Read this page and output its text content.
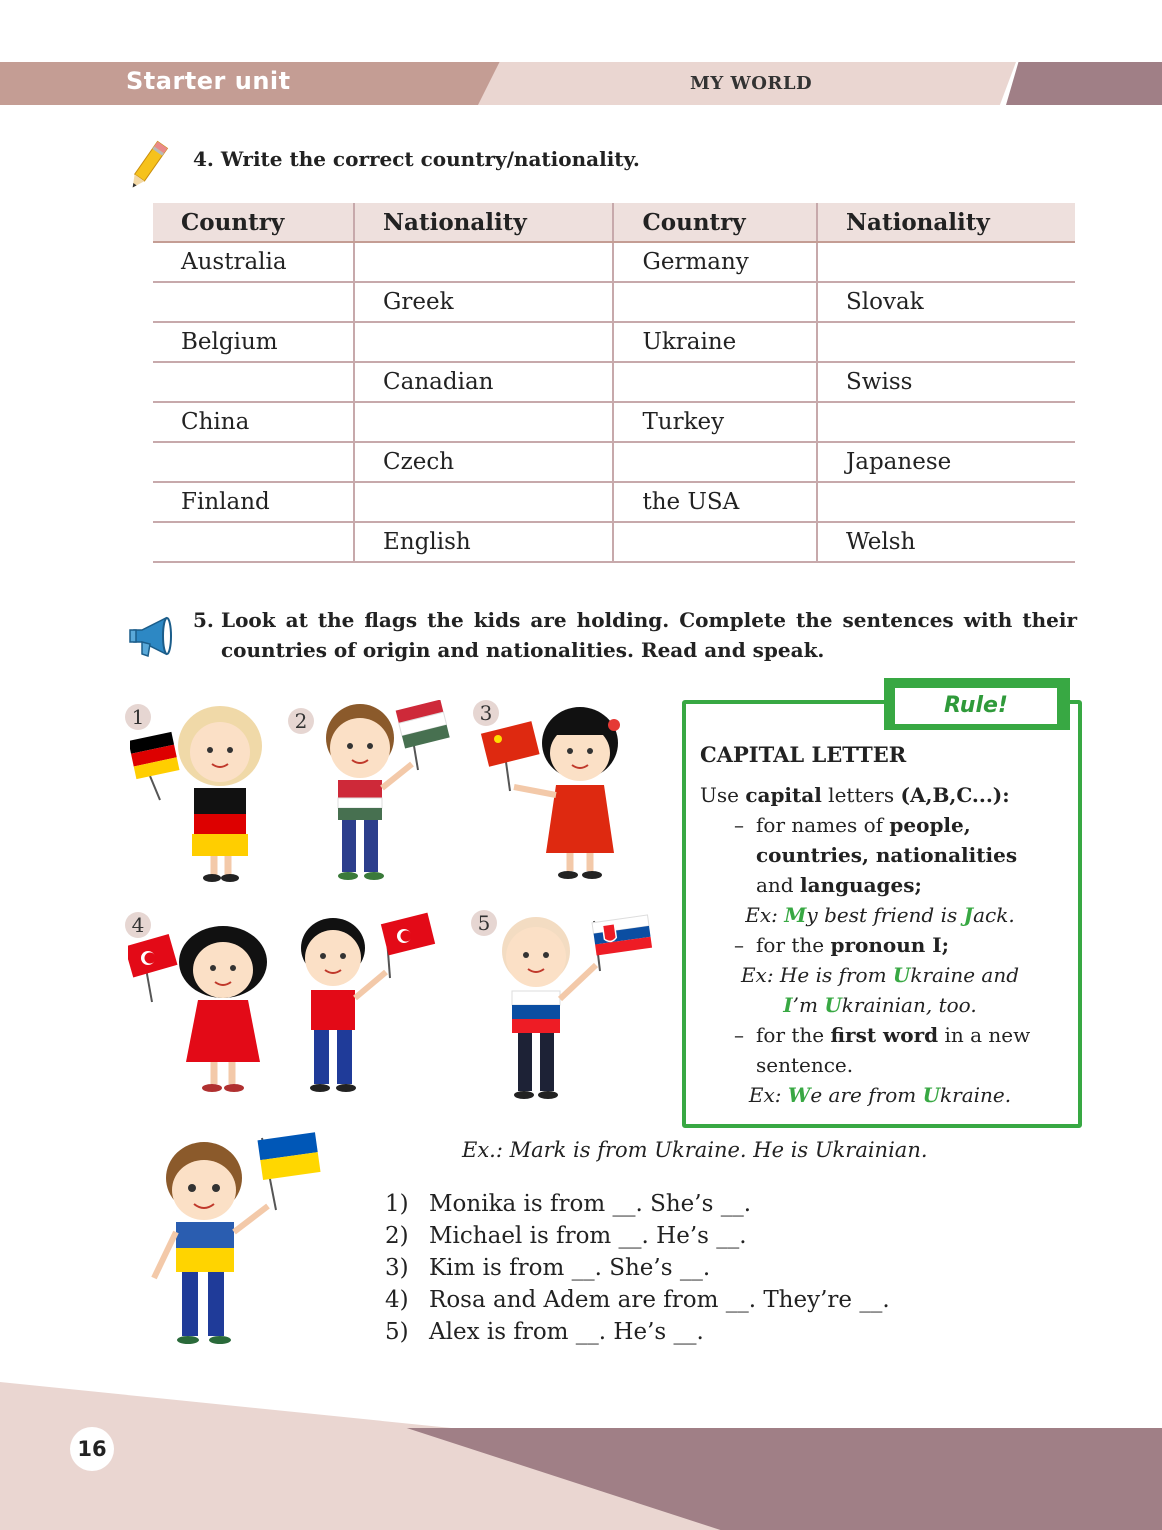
Starter unit	MY WORLD
4. Write the correct country/nationality.
Country	Nationality	Country	Nationality
Australia		Germany	
	Greek		Slovak
Belgium		Ukraine	
	Canadian		Swiss
China		Turkey	
	Czech		Japanese
Finland		the USA	
	English		Welsh
5. Look at the flags the kids are holding. Complete the sentences with their countries of origin and nationalities. Read and speak.
1	2	3
4	5
Rule!
CAPITAL LETTER
Use capital letters (A,B,C...):
– for names of people, countries, nationalities and languages;
Ex: My best friend is Jack.
– for the pronoun I;
Ex: He is from Ukraine and
I’m Ukrainian, too.
– for the first word in a new sentence.
Ex: We are from Ukraine.
Ex.: Mark is from Ukraine. He is Ukrainian.
1) Monika is from __. She’s __.
2) Michael is from __. He’s __.
3) Kim is from __. She’s __.
4) Rosa and Adem are from __. They’re __.
5) Alex is from __. He’s __.
16
